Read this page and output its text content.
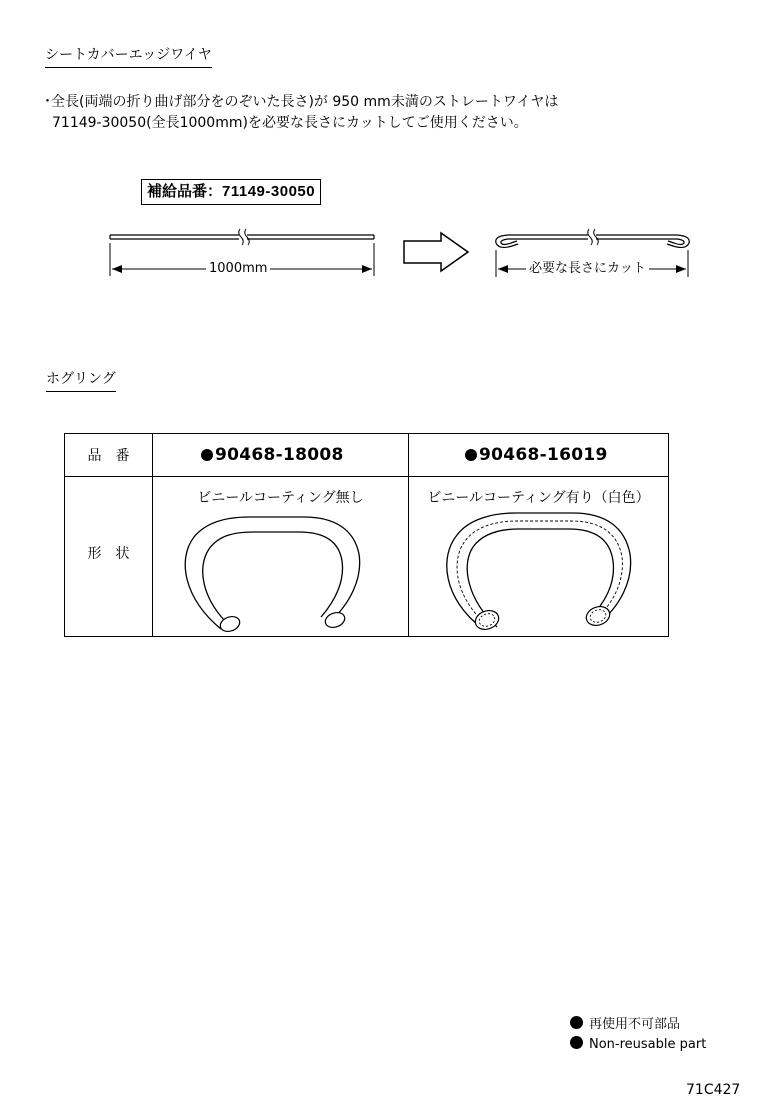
シートカバーエッジワイヤ
･全長(両端の折り曲げ部分をのぞいた長さ)が 950 mm未満のストレートワイヤは
71149-30050(全長1000mm)を必要な長さにカットしてご使用ください。
補給品番：71149-30050
1000mm	必要な長さにカット
ホグリング
品　番	90468-18008	90468-16019
形　状	ビニールコーティング無し	ビニールコーティング有り（白色）
再使用不可部品
Non-reusable part
71C427
